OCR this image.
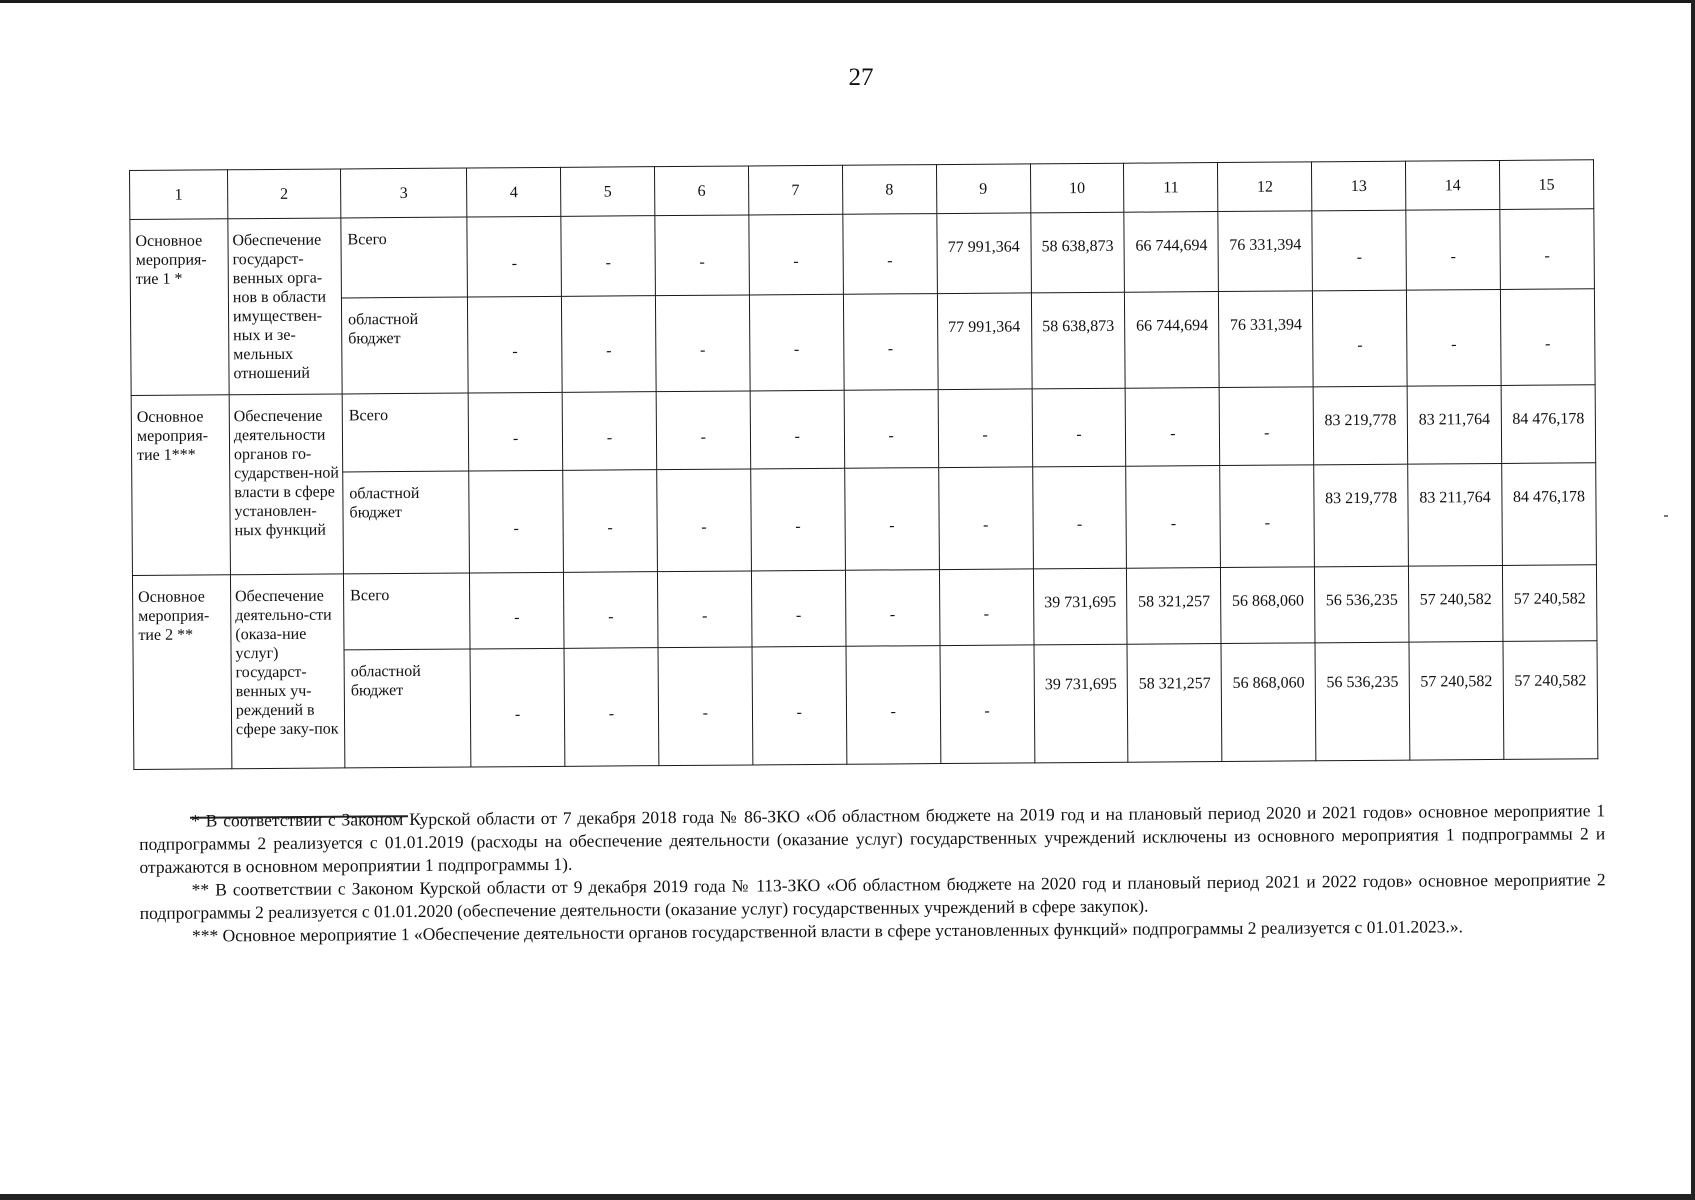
27
1	2	3	4	5	6	7	8	9	10	11	12	13	14	15
Основное мероприя-тие 1 *	Обеспечение государст-венных орга-нов в области имуществен-ных и зе-мельных отношений	Всего	-	-	-	-	-	77 991,364	58 638,873	66 744,694	76 331,394	-	-	-
		областной бюджет	-	-	-	-	-	77 991,364	58 638,873	66 744,694	76 331,394	-	-	-
Основное мероприя-тие 1***	Обеспечение деятельности органов го-сударствен-ной власти в сфере установлен-ных функций	Всего	-	-	-	-	-	-	-	-	-	83 219,778	83 211,764	84 476,178
		областной бюджет	-	-	-	-	-	-	-	-	-	83 219,778	83 211,764	84 476,178
Основное мероприя-тие 2 **	Обеспечение деятельно-сти (оказа-ние услуг) государст-венных уч-реждений в сфере заку-пок	Всего	-	-	-	-	-	-	39 731,695	58 321,257	56 868,060	56 536,235	57 240,582	57 240,582
		областной бюджет	-	-	-	-	-	-	39 731,695	58 321,257	56 868,060	56 536,235	57 240,582	57 240,582

* В соответствии с Законом Курской области от 7 декабря 2018 года № 86-ЗКО «Об областном бюджете на 2019 год и на плановый период 2020 и 2021 годов» основное мероприятие 1 подпрограммы 2 реализуется с 01.01.2019 (расходы на обеспечение деятельности (оказание услуг) государственных учреждений исключены из основного мероприятия 1 подпрограммы 2 и отражаются в основном мероприятии 1 подпрограммы 1).

** В соответствии с Законом Курской области от 9 декабря 2019 года № 113-ЗКО «Об областном бюджете на 2020 год и плановый период 2021 и 2022 годов» основное мероприятие 2 подпрограммы 2 реализуется с 01.01.2020 (обеспечение деятельности (оказание услуг) государственных учреждений в сфере закупок).

*** Основное мероприятие 1 «Обеспечение деятельности органов государственной власти в сфере установленных функций» подпрограммы 2 реализуется с 01.01.2023.».
